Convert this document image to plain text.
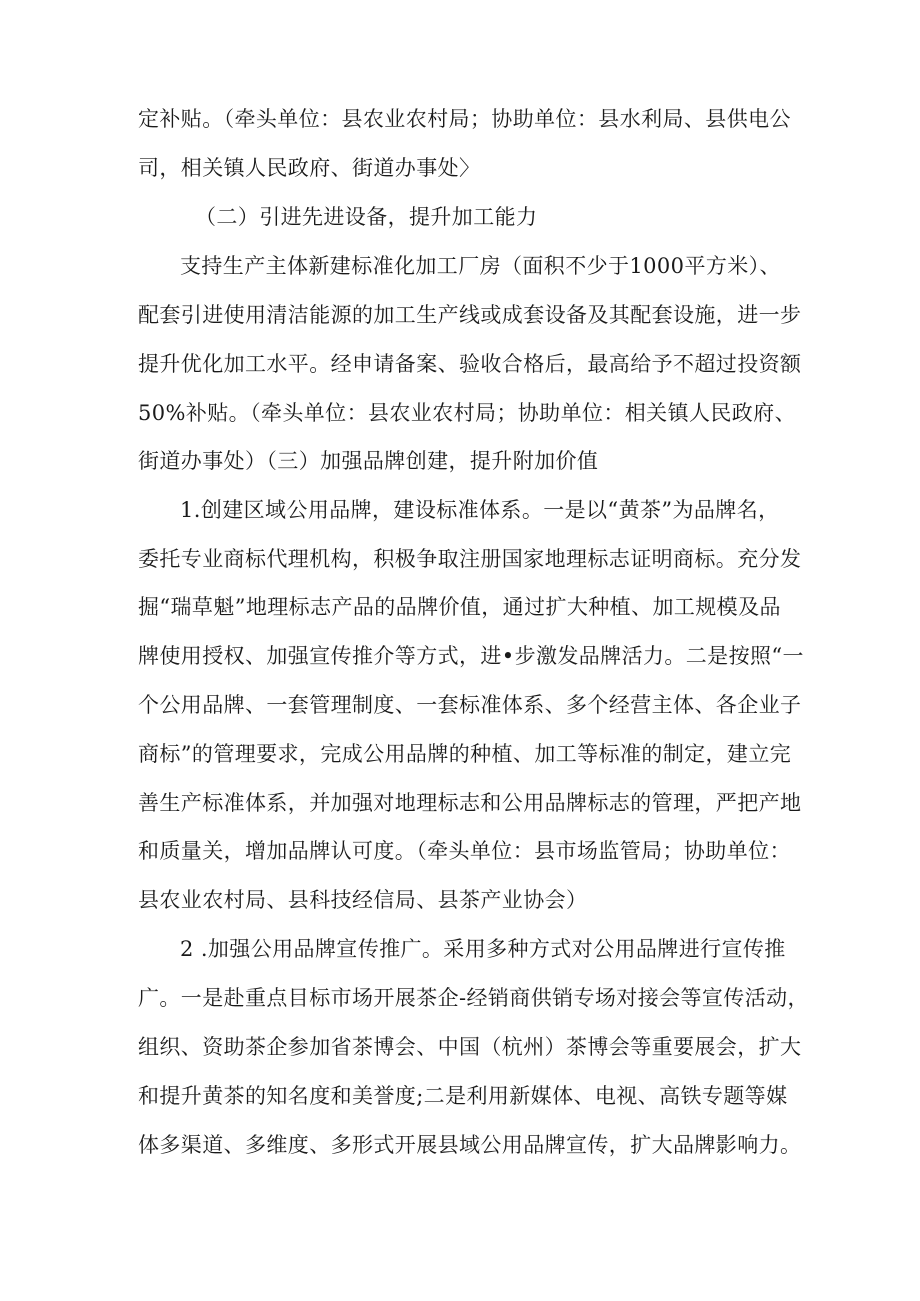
定补贴。（牵头单位：县农业农村局；协助单位：县水利局、县供电公
司，相关镇人民政府、街道办事处〉
（二）引进先进设备，提升加工能力
支持生产主体新建标准化加工厂房（面积不少于1000平方米）、
配套引进使用清洁能源的加工生产线或成套设备及其配套设施，进一步
提升优化加工水平。经申请备案、验收合格后，最高给予不超过投资额
50%补贴。（牵头单位：县农业农村局；协助单位：相关镇人民政府、
街道办事处）（三）加强品牌创建，提升附加价值
1.创建区域公用品牌，建设标准体系。一是以“黄茶”为品牌名，
委托专业商标代理机构，积极争取注册国家地理标志证明商标。充分发
掘“瑞草魁”地理标志产品的品牌价值，通过扩大种植、加工规模及品
牌使用授权、加强宣传推介等方式，进•步激发品牌活力。二是按照“一
个公用品牌、一套管理制度、一套标准体系、多个经营主体、各企业子
商标”的管理要求，完成公用品牌的种植、加工等标准的制定，建立完
善生产标准体系，并加强对地理标志和公用品牌标志的管理，严把产地
和质量关，增加品牌认可度。（牵头单位：县市场监管局；协助单位：
县农业农村局、县科技经信局、县茶产业协会）
2 .加强公用品牌宣传推广。采用多种方式对公用品牌进行宣传推
广。一是赴重点目标市场开展茶企-经销商供销专场对接会等宣传活动，
组织、资助茶企参加省茶博会、中国（杭州）茶博会等重要展会，扩大
和提升黄茶的知名度和美誉度;二是利用新媒体、电视、高铁专题等媒
体多渠道、多维度、多形式开展县域公用品牌宣传，扩大品牌影响力。
